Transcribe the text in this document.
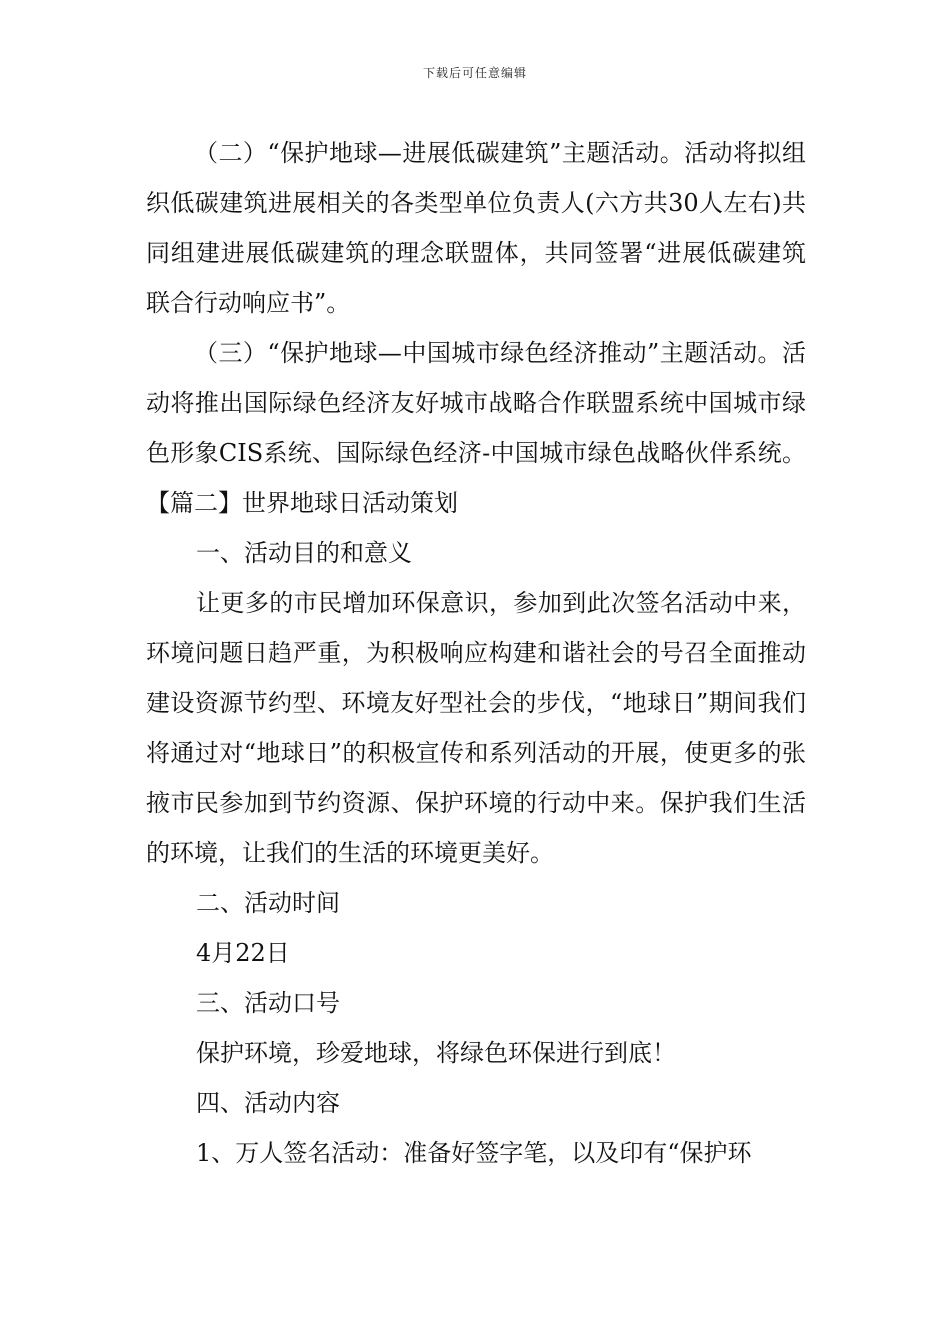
下载后可任意编辑

（二）“保护地球—进展低碳建筑”主题活动。活动将拟组织低碳建筑进展相关的各类型单位负责人(六方共30人左右)共同组建进展低碳建筑的理念联盟体，共同签署“进展低碳建筑联合行动响应书”。

（三）“保护地球—中国城市绿色经济推动”主题活动。活动将推出国际绿色经济友好城市战略合作联盟系统中国城市绿色形象CIS系统、国际绿色经济-中国城市绿色战略伙伴系统。【篇二】世界地球日活动策划

一、活动目的和意义

让更多的市民增加环保意识，参加到此次签名活动中来，环境问题日趋严重，为积极响应构建和谐社会的号召全面推动建设资源节约型、环境友好型社会的步伐，“地球日”期间我们将通过对“地球日”的积极宣传和系列活动的开展，使更多的张掖市民参加到节约资源、保护环境的行动中来。保护我们生活的环境，让我们的生活的环境更美好。

二、活动时间

4月22日

三、活动口号

保护环境，珍爱地球，将绿色环保进行到底！

四、活动内容

1、万人签名活动：准备好签字笔，以及印有“保护环
